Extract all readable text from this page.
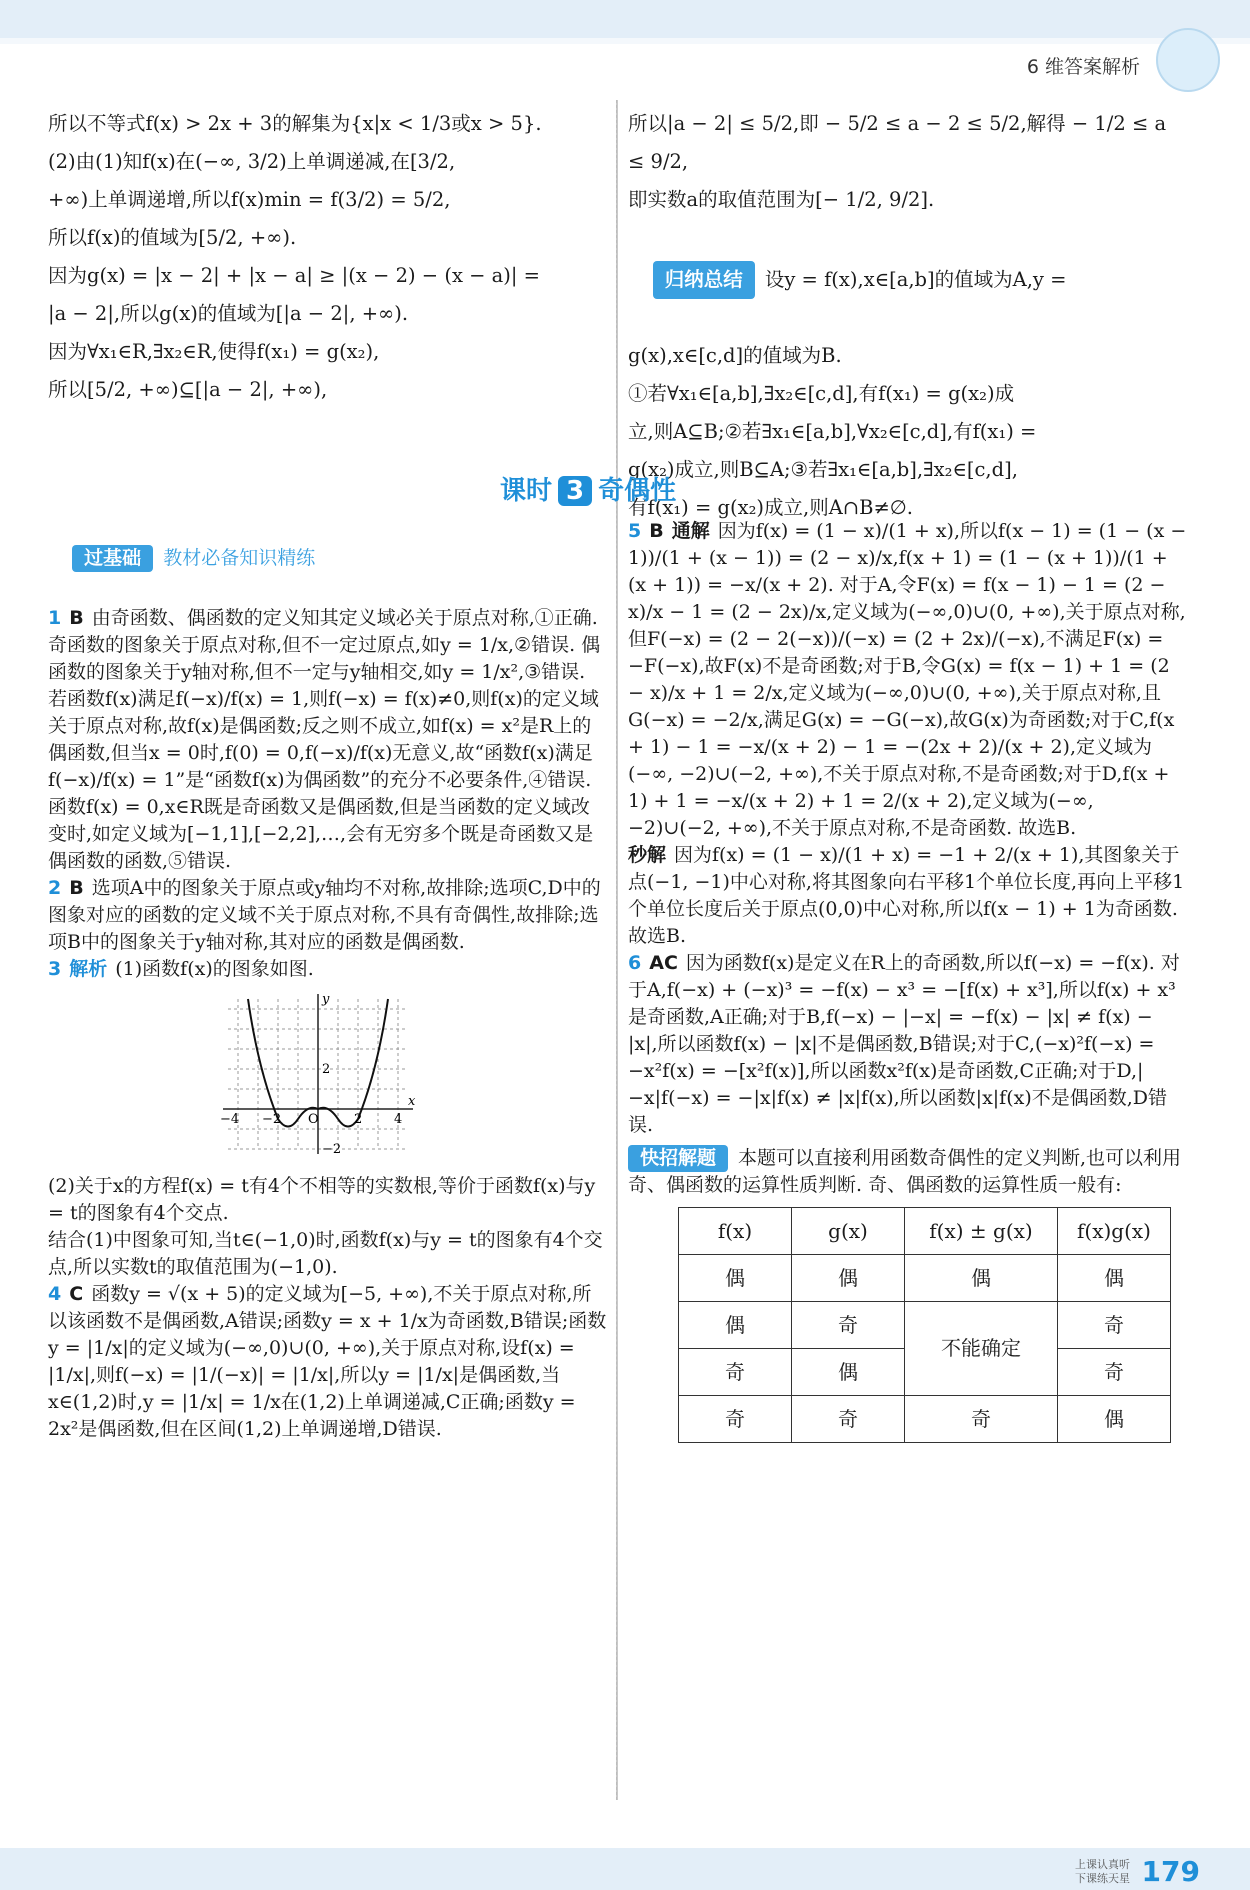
6 维答案解析

所以不等式f(x) > 2x + 3的解集为{x|x < 1/3或x > 5}.

(2)由(1)知f(x)在(−∞, 3/2)上单调递减,在[3/2,

+∞)上单调递增,所以f(x)min = f(3/2) = 5/2,

所以f(x)的值域为[5/2, +∞).

因为g(x) = |x − 2| + |x − a| ≥ |(x − 2) − (x − a)| =

|a − 2|,所以g(x)的值域为[|a − 2|, +∞).

因为∀x₁∈R,∃x₂∈R,使得f(x₁) = g(x₂),

所以[5/2, +∞)⊆[|a − 2|, +∞),

所以|a − 2| ≤ 5/2,即 − 5/2 ≤ a − 2 ≤ 5/2,解得 − 1/2 ≤ a ≤ 9/2,

即实数a的取值范围为[− 1/2, 9/2].

归纳总结 设y = f(x),x∈[a,b]的值域为A,y =

g(x),x∈[c,d]的值域为B.

①若∀x₁∈[a,b],∃x₂∈[c,d],有f(x₁) = g(x₂)成

立,则A⊆B;②若∃x₁∈[a,b],∀x₂∈[c,d],有f(x₁) =

g(x₂)成立,则B⊆A;③若∃x₁∈[a,b],∃x₂∈[c,d],

有f(x₁) = g(x₂)成立,则A∩B≠∅.

课时 3 奇偶性

过基础 教材必备知识精练

1 B 由奇函数、偶函数的定义知其定义域必关于原点对称,①正确. 奇函数的图象关于原点对称,但不一定过原点,如y = 1/x,②错误. 偶函数的图象关于y轴对称,但不一定与y轴相交,如y = 1/x²,③错误. 若函数f(x)满足f(−x)/f(x) = 1,则f(−x) = f(x)≠0,则f(x)的定义域关于原点对称,故f(x)是偶函数;反之则不成立,如f(x) = x²是R上的偶函数,但当x = 0时,f(0) = 0,f(−x)/f(x)无意义,故“函数f(x)满足f(−x)/f(x) = 1”是“函数f(x)为偶函数”的充分不必要条件,④错误. 函数f(x) = 0,x∈R既是奇函数又是偶函数,但是当函数的定义域改变时,如定义域为[−1,1],[−2,2],…,会有无穷多个既是奇函数又是偶函数的函数,⑤错误.

2 B 选项A中的图象关于原点或y轴均不对称,故排除;选项C,D中的图象对应的函数的定义域不关于原点对称,不具有奇偶性,故排除;选项B中的图象关于y轴对称,其对应的函数是偶函数.

3 解析 (1)函数f(x)的图象如图.

−4 −2 O	2 4
2
−2
x
y

(2)关于x的方程f(x) = t有4个不相等的实数根,等价于函数f(x)与y = t的图象有4个交点.

结合(1)中图象可知,当t∈(−1,0)时,函数f(x)与y = t的图象有4个交点,所以实数t的取值范围为(−1,0).

4 C 函数y = √(x + 5)的定义域为[−5, +∞),不关于原点对称,所以该函数不是偶函数,A错误;函数y = x + 1/x为奇函数,B错误;函数y = |1/x|的定义域为(−∞,0)∪(0, +∞),关于原点对称,设f(x) = |1/x|,则f(−x) = |1/(−x)| = |1/x|,所以y = |1/x|是偶函数,当x∈(1,2)时,y = |1/x| = 1/x在(1,2)上单调递减,C正确;函数y = 2x²是偶函数,但在区间(1,2)上单调递增,D错误.

5 B 通解 因为f(x) = (1 − x)/(1 + x),所以f(x − 1) = (1 − (x − 1))/(1 + (x − 1)) = (2 − x)/x,f(x + 1) = (1 − (x + 1))/(1 + (x + 1)) = −x/(x + 2). 对于A,令F(x) = f(x − 1) − 1 = (2 − x)/x − 1 = (2 − 2x)/x,定义域为(−∞,0)∪(0, +∞),关于原点对称,但F(−x) = (2 − 2(−x))/(−x) = (2 + 2x)/(−x),不满足F(x) = −F(−x),故F(x)不是奇函数;对于B,令G(x) = f(x − 1) + 1 = (2 − x)/x + 1 = 2/x,定义域为(−∞,0)∪(0, +∞),关于原点对称,且G(−x) = −2/x,满足G(x) = −G(−x),故G(x)为奇函数;对于C,f(x + 1) − 1 = −x/(x + 2) − 1 = −(2x + 2)/(x + 2),定义域为(−∞, −2)∪(−2, +∞),不关于原点对称,不是奇函数;对于D,f(x + 1) + 1 = −x/(x + 2) + 1 = 2/(x + 2),定义域为(−∞, −2)∪(−2, +∞),不关于原点对称,不是奇函数. 故选B.

秒解 因为f(x) = (1 − x)/(1 + x) = −1 + 2/(x + 1),其图象关于点(−1, −1)中心对称,将其图象向右平移1个单位长度,再向上平移1个单位长度后关于原点(0,0)中心对称,所以f(x − 1) + 1为奇函数. 故选B.

6 AC 因为函数f(x)是定义在R上的奇函数,所以f(−x) = −f(x). 对于A,f(−x) + (−x)³ = −f(x) − x³ = −[f(x) + x³],所以f(x) + x³是奇函数,A正确;对于B,f(−x) − |−x| = −f(x) − |x| ≠ f(x) − |x|,所以函数f(x) − |x|不是偶函数,B错误;对于C,(−x)²f(−x) = −x²f(x) = −[x²f(x)],所以函数x²f(x)是奇函数,C正确;对于D,|−x|f(−x) = −|x|f(x) ≠ |x|f(x),所以函数|x|f(x)不是偶函数,D错误.

快招解题 本题可以直接利用函数奇偶性的定义判断,也可以利用奇、偶函数的运算性质判断. 奇、偶函数的运算性质一般有:

f(x)	g(x)	f(x) ± g(x)	f(x)g(x)
偶	偶	偶	偶
偶	奇	不能确定	奇
奇	偶		奇
奇	奇	奇	偶
上课认真听
下课练天星 179
